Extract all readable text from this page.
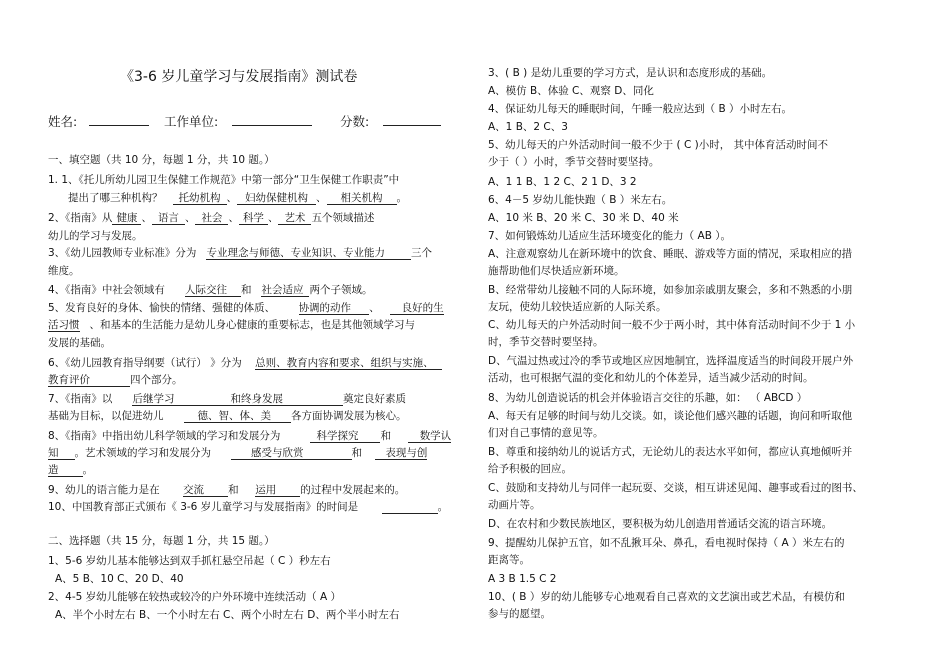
《3-6 岁儿童学习与发展指南》测试卷

姓名:	工作单位:	分数:

一、填空题（共 10 分，每题 1 分，共 10 题。）

1. 1、《托儿所幼儿园卫生保健工作规范》中第一部分“卫生保健工作职责”中

提出了哪三种机构？ 托幼机构 、 妇幼保健机构 、 相关机构 。

2、《指南》从 健康 、 语言 、 社会 、 科学 、 艺术 五个领域描述

幼儿的学习与发展。

3、《幼儿园教师专业标准》分为 专业理念与师德、专业知识、专业能力 三个

维度。

4、《指南》中社会领域有 人际交往 和 社会适应 两个子领域。

5、发育良好的身体、愉快的情绪、强健的体质、 协调的动作 、 良好的生

活习惯 、和基本的生活能力是幼儿身心健康的重要标志，也是其他领域学习与

发展的基础。

6、《幼儿园教育指导纲要（试行） 》分为 总则、教育内容和要求、组织与实施、

教育评价	四个部分。

7、《指南》以 后继学习	和终身发展	奠定良好素质

基础为目标，以促进幼儿	德、智、体、美 各方面协调发展为核心。

8、《指南》中指出幼儿科学领域的学习和发展分为	科学探究 和	数学认

知 。艺术领域的学习和发展分为	感受与欣赏	和 表现与创

造 。

9、幼儿的语言能力是在 交流 和 运用 的过程中发展起来的。

10、中国教育部正式颁布《 3-6 岁儿童学习与发展指南》的时间是	。

二、选择题（共 15 分，每题 1 分，共 15 题。）

1、5-6 岁幼儿基本能够达到双手抓杠悬空吊起（ C ）秒左右

A、5 B、10 C、20 D、40

2、4-5 岁幼儿能够在较热或较冷的户外环境中连续活动（ A ）

A、半个小时左右 B、一个小时左右 C、两个小时左右 D、两个半小时左右

3、( B ) 是幼儿重要的学习方式，是认识和态度形成的基础。

A、模仿 B、体验 C、观察 D、同化

4、保证幼儿每天的睡眠时间，午睡一般应达到（ B ）小时左右。

A、1 B、2 C、3

5、幼儿每天的户外活动时间一般不少于 ( C )小时， 其中体育活动时间不

少于（ ）小时，季节交替时要坚持。

A、1 1 B、1 2 C、2 1 D、3 2

6、4－5 岁幼儿能快跑（ B ）米左右。

A、10 米 B、20 米 C、30 米 D、40 米

7、如何锻炼幼儿适应生活环境变化的能力（ AB ）。

A、注意观察幼儿在新环境中的饮食、睡眠、游戏等方面的情况，采取相应的措

施帮助他们尽快适应新环境。

B、经常带幼儿接触不同的人际环境，如参加亲戚朋友聚会，多和不熟悉的小朋

友玩，使幼儿较快适应新的人际关系。

C、幼儿每天的户外活动时间一般不少于两小时，其中体育活动时间不少于 1 小

时，季节交替时要坚持。

D、气温过热或过冷的季节或地区应因地制宜，选择温度适当的时间段开展户外

活动，也可根据气温的变化和幼儿的个体差异，适当减少活动的时间。

8、为幼儿创造说话的机会并体验语言交往的乐趣，如： （ ABCD ）

A、每天有足够的时间与幼儿交谈。如，谈论他们感兴趣的话题，询问和听取他

们对自己事情的意见等。

B、尊重和接纳幼儿的说话方式，无论幼儿的表达水平如何，都应认真地倾听并

给予积极的回应。

C、鼓励和支持幼儿与同伴一起玩耍、交谈，相互讲述见闻、趣事或看过的图书、

动画片等。

D、在农村和少数民族地区，要积极为幼儿创造用普通话交流的语言环境。

9、提醒幼儿保护五官，如不乱揪耳朵、鼻孔，看电视时保持（ A ）米左右的

距离等。

A 3 B 1.5 C 2

10、( B ）岁的幼儿能够专心地观看自己喜欢的文艺演出或艺术品，有模仿和

参与的愿望。
